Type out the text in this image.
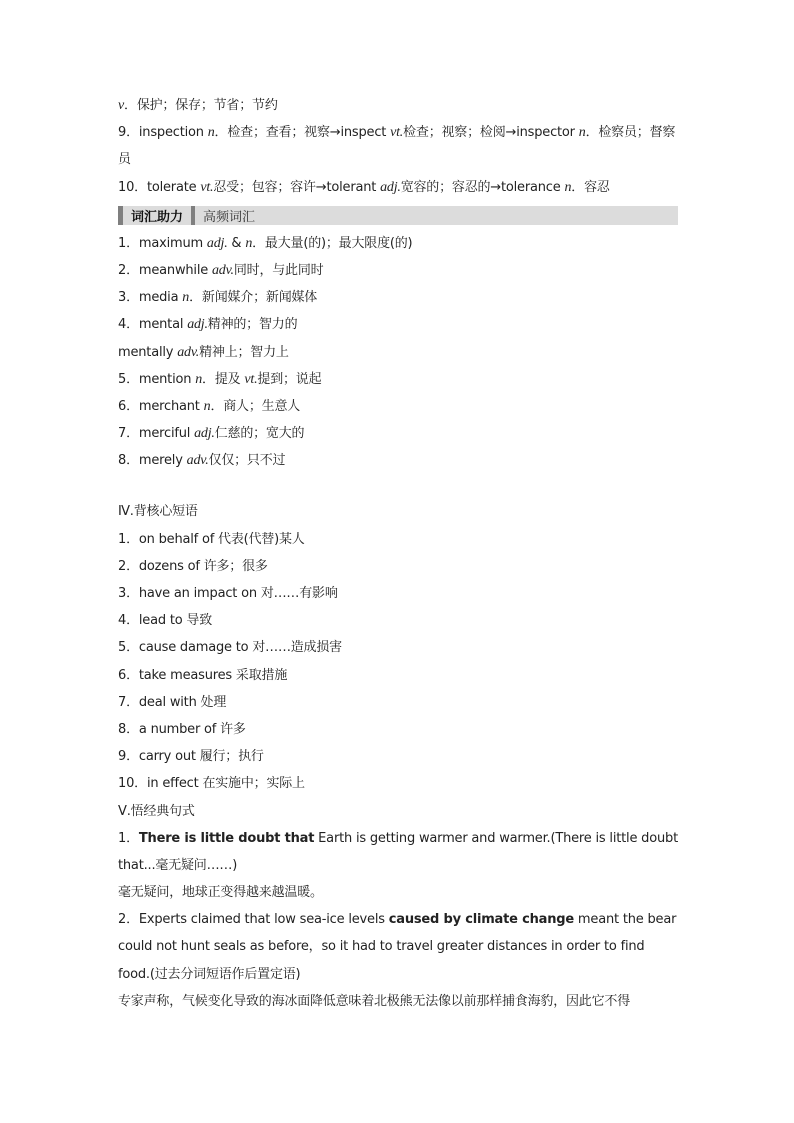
v．保护；保存；节省；节约
9．inspection n．检查；查看；视察→inspect vt.检查；视察；检阅→inspector n．检察员；督察员
10．tolerate vt.忍受；包容；容许→tolerant adj.宽容的；容忍的→tolerance n．容忍
词汇助力	高频词汇
1．maximum adj. & n．最大量(的)；最大限度(的)
2．meanwhile adv.同时，与此同时
3．media n．新闻媒介；新闻媒体
4．mental adj.精神的；智力的
mentally adv.精神上；智力上
5．mention n．提及 vt.提到；说起
6．merchant n．商人；生意人
7．merciful adj.仁慈的；宽大的
8．merely adv.仅仅；只不过
Ⅳ.背核心短语
1．on behalf of 代表(代替)某人
2．dozens of 许多；很多
3．have an impact on 对……有影响
4．lead to 导致
5．cause damage to 对……造成损害
6．take measures 采取措施
7．deal with 处理
8．a number of 许多
9．carry out 履行；执行
10．in effect 在实施中；实际上
Ⅴ.悟经典句式
1．There is little doubt that Earth is getting warmer and warmer.(There is little doubt that...毫无疑问……)
毫无疑问，地球正变得越来越温暖。
2．Experts claimed that low sea-ice levels caused by climate change meant the bear could not hunt seals as before，so it had to travel greater distances in order to find food.(过去分词短语作后置定语)
专家声称，气候变化导致的海冰面降低意味着北极熊无法像以前那样捕食海豹，因此它不得
